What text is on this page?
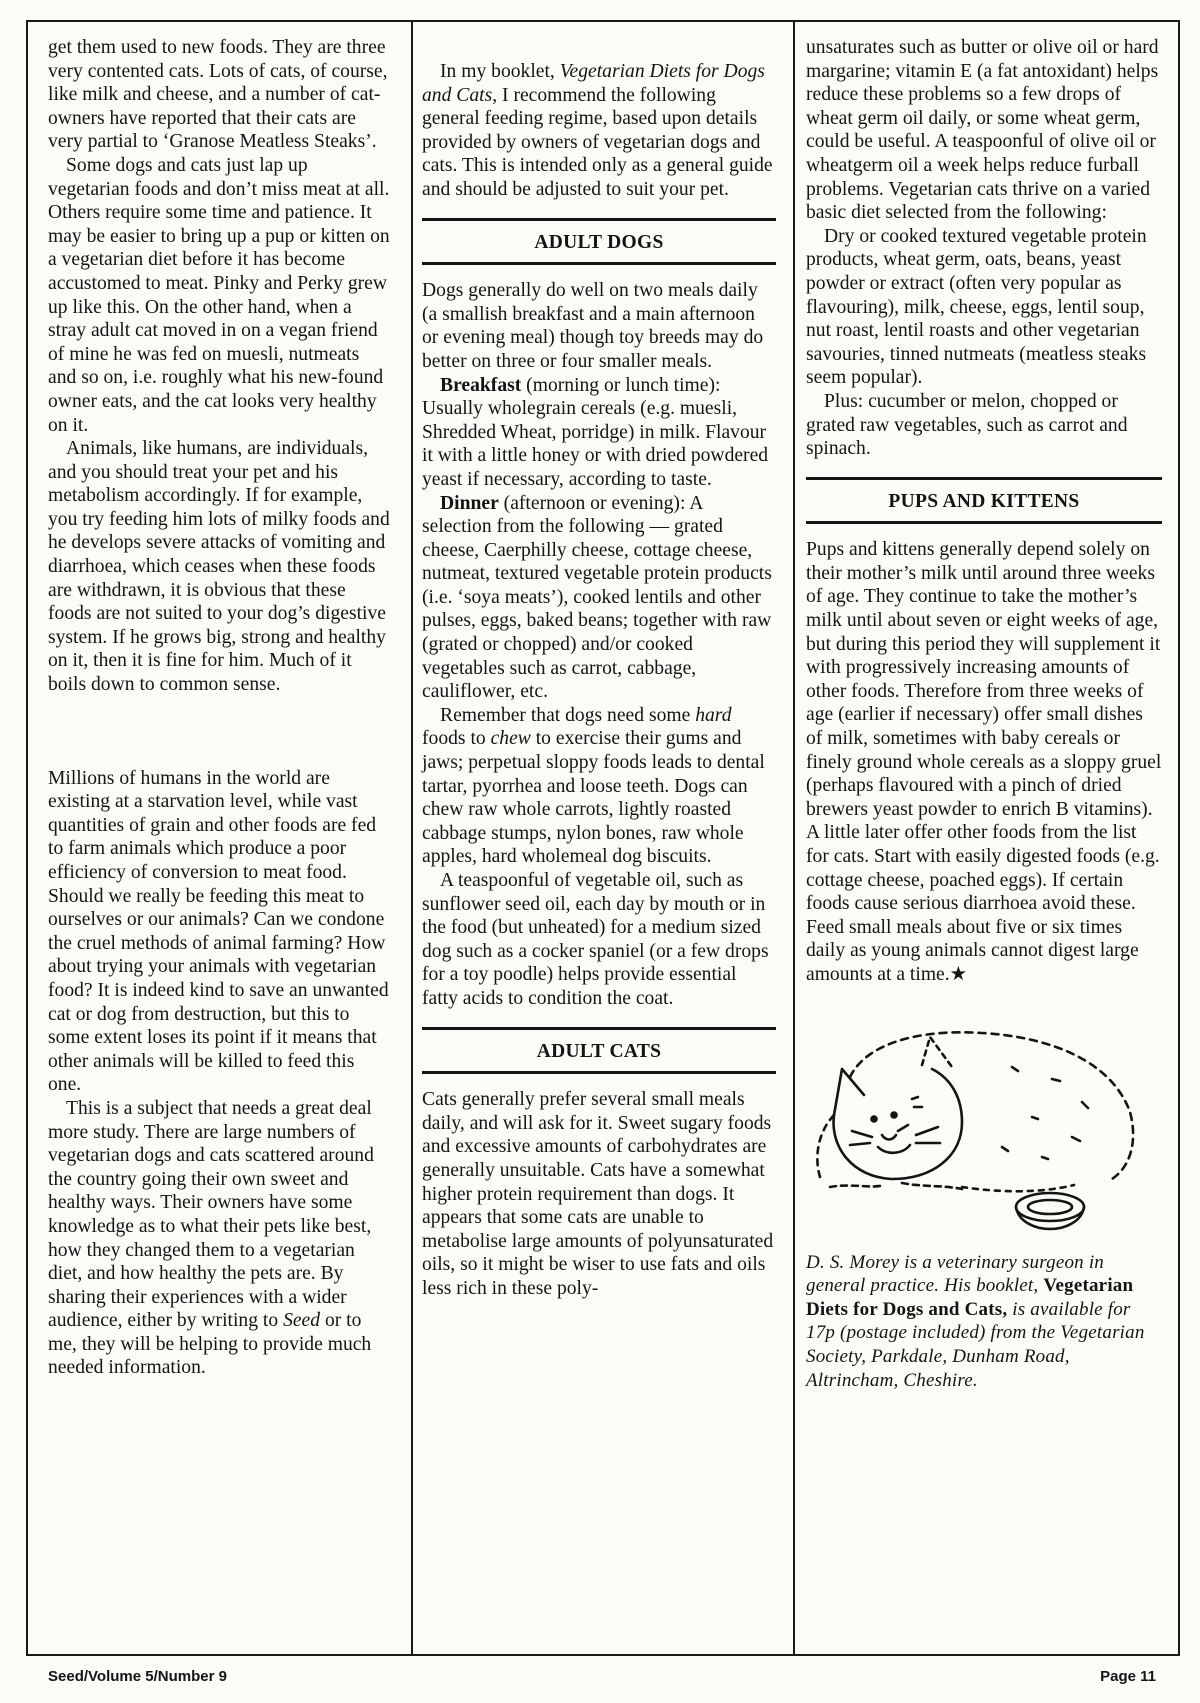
get them used to new foods. They are three very contented cats. Lots of cats, of course, like milk and cheese, and a number of cat-owners have reported that their cats are very partial to ‘Granose Meatless Steaks’.

Some dogs and cats just lap up vegetarian foods and don’t miss meat at all. Others require some time and patience. It may be easier to bring up a pup or kitten on a vegetarian diet before it has become accustomed to meat. Pinky and Perky grew up like this. On the other hand, when a stray adult cat moved in on a vegan friend of mine he was fed on muesli, nutmeats and so on, i.e. roughly what his new-found owner eats, and the cat looks very healthy on it.

Animals, like humans, are individuals, and you should treat your pet and his metabolism accordingly. If for example, you try feeding him lots of milky foods and he develops severe attacks of vomiting and diarrhoea, which ceases when these foods are withdrawn, it is obvious that these foods are not suited to your dog’s digestive system. If he grows big, strong and healthy on it, then it is fine for him. Much of it boils down to common sense.

Millions of humans in the world are existing at a starvation level, while vast quantities of grain and other foods are fed to farm animals which produce a poor efficiency of conversion to meat food. Should we really be feeding this meat to ourselves or our animals? Can we condone the cruel methods of animal farming? How about trying your animals with vegetarian food? It is indeed kind to save an unwanted cat or dog from destruction, but this to some extent loses its point if it means that other animals will be killed to feed this one.

This is a subject that needs a great deal more study. There are large numbers of vegetarian dogs and cats scattered around the country going their own sweet and healthy ways. Their owners have some knowledge as to what their pets like best, how they changed them to a vegetarian diet, and how healthy the pets are. By sharing their experiences with a wider audience, either by writing to Seed or to me, they will be helping to provide much needed information.

In my booklet, Vegetarian Diets for Dogs and Cats, I recommend the following general feeding regime, based upon details provided by owners of vegetarian dogs and cats. This is intended only as a general guide and should be adjusted to suit your pet.

ADULT DOGS

Dogs generally do well on two meals daily (a smallish breakfast and a main afternoon or evening meal) though toy breeds may do better on three or four smaller meals.

Breakfast (morning or lunch time): Usually wholegrain cereals (e.g. muesli, Shredded Wheat, porridge) in milk. Flavour it with a little honey or with dried powdered yeast if necessary, according to taste.

Dinner (afternoon or evening): A selection from the following — grated cheese, Caerphilly cheese, cottage cheese, nutmeat, textured vegetable protein products (i.e. ‘soya meats’), cooked lentils and other pulses, eggs, baked beans; together with raw (grated or chopped) and/or cooked vegetables such as carrot, cabbage, cauliflower, etc.

Remember that dogs need some hard foods to chew to exercise their gums and jaws; perpetual sloppy foods leads to dental tartar, pyorrhea and loose teeth. Dogs can chew raw whole carrots, lightly roasted cabbage stumps, nylon bones, raw whole apples, hard wholemeal dog biscuits.

A teaspoonful of vegetable oil, such as sunflower seed oil, each day by mouth or in the food (but unheated) for a medium sized dog such as a cocker spaniel (or a few drops for a toy poodle) helps provide essential fatty acids to condition the coat.

ADULT CATS

Cats generally prefer several small meals daily, and will ask for it. Sweet sugary foods and excessive amounts of carbohydrates are generally unsuitable. Cats have a somewhat higher protein requirement than dogs. It appears that some cats are unable to metabolise large amounts of polyunsaturated oils, so it might be wiser to use fats and oils less rich in these poly-

unsaturates such as butter or olive oil or hard margarine; vitamin E (a fat antoxidant) helps reduce these problems so a few drops of wheat germ oil daily, or some wheat germ, could be useful. A teaspoonful of olive oil or wheatgerm oil a week helps reduce furball problems. Vegetarian cats thrive on a varied basic diet selected from the following:

Dry or cooked textured vegetable protein products, wheat germ, oats, beans, yeast powder or extract (often very popular as flavouring), milk, cheese, eggs, lentil soup, nut roast, lentil roasts and other vegetarian savouries, tinned nutmeats (meatless steaks seem popular).

Plus: cucumber or melon, chopped or grated raw vegetables, such as carrot and spinach.

PUPS AND KITTENS

Pups and kittens generally depend solely on their mother’s milk until around three weeks of age. They continue to take the mother’s milk until about seven or eight weeks of age, but during this period they will supplement it with progressively increasing amounts of other foods. Therefore from three weeks of age (earlier if necessary) offer small dishes of milk, sometimes with baby cereals or finely ground whole cereals as a sloppy gruel (perhaps flavoured with a pinch of dried brewers yeast powder to enrich B vitamins). A little later offer other foods from the list for cats. Start with easily digested foods (e.g. cottage cheese, poached eggs). If certain foods cause serious diarrhoea avoid these. Feed small meals about five or six times daily as young animals cannot digest large amounts at a time.★

D. S. Morey is a veterinary surgeon in general practice. His booklet, Vegetarian Diets for Dogs and Cats, is available for 17p (postage included) from the Vegetarian Society, Parkdale, Dunham Road, Altrincham, Cheshire.

Seed/Volume 5/Number 9	Page 11
